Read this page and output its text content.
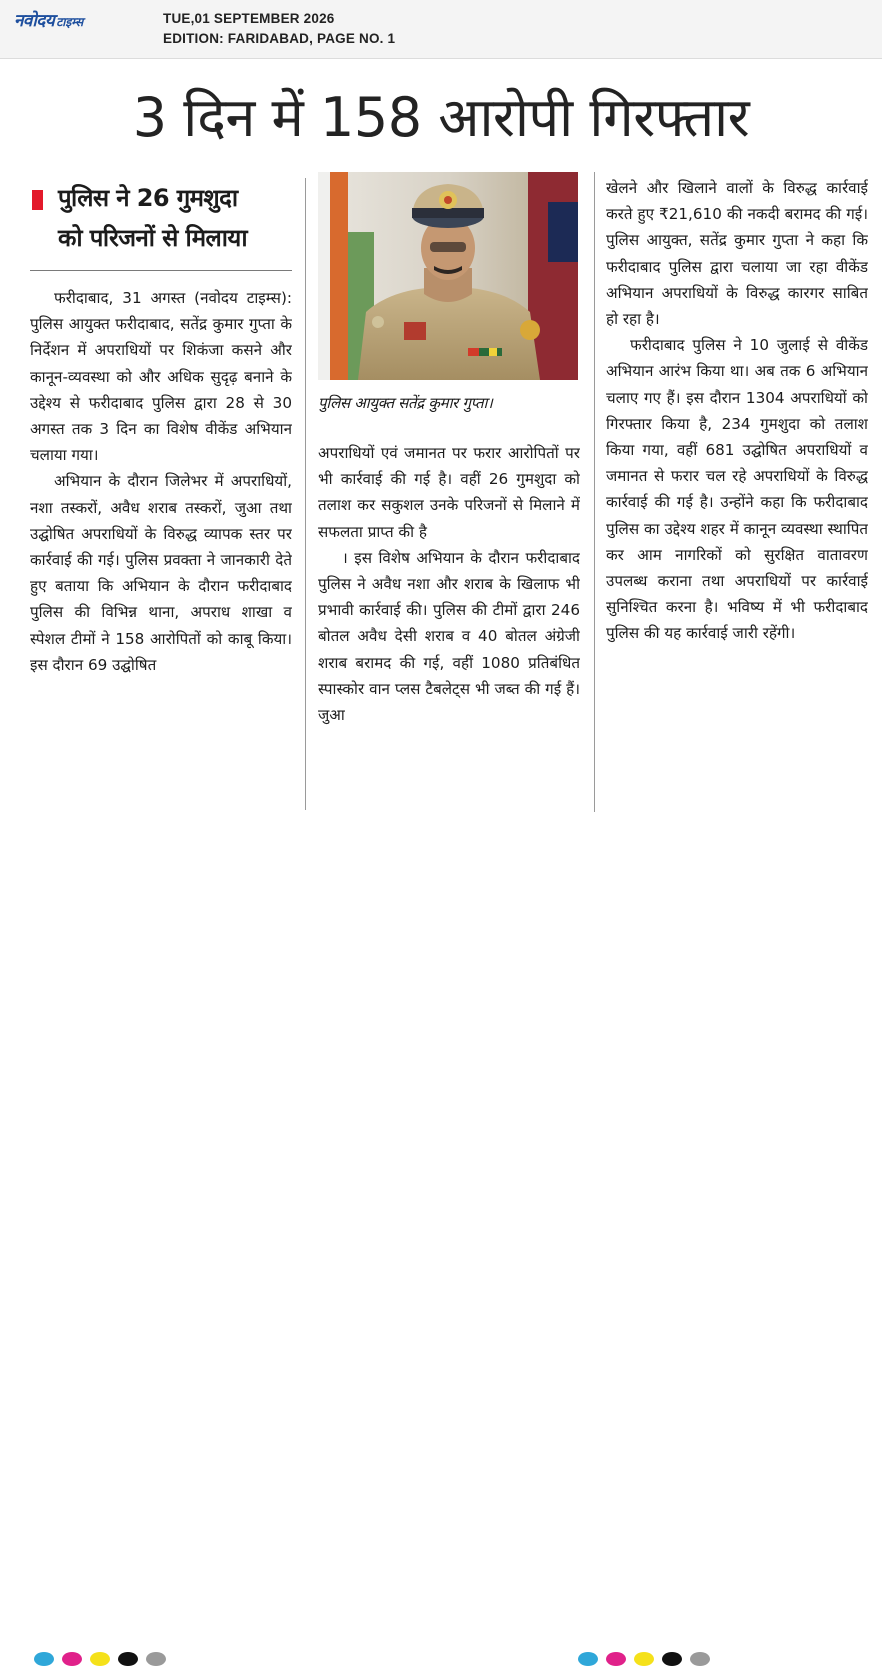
नवोदय टाइम्स	TUE,01 SEPTEMBER 2026
EDITION: FARIDABAD, PAGE NO. 1
3 दिन में 158 आरोपी गिरफ्तार
पुलिस ने 26 गुमशुदा
को परिजनों से मिलाया

फरीदाबाद, 31 अगस्त (नवोदय टाइम्स): पुलिस आयुक्त फरीदाबाद, सतेंद्र कुमार गुप्ता के निर्देशन में अपराधियों पर शिकंजा कसने और कानून-व्यवस्था को और अधिक सुदृढ़ बनाने के उद्देश्य से फरीदाबाद पुलिस द्वारा 28 से 30 अगस्त तक 3 दिन का विशेष वीकेंड अभियान चलाया गया।

अभियान के दौरान जिलेभर में अपराधियों, नशा तस्करों, अवैध शराब तस्करों, जुआ तथा उद्घोषित अपराधियों के विरुद्ध व्यापक स्तर पर कार्रवाई की गई। पुलिस प्रवक्ता ने जानकारी देते हुए बताया कि अभियान के दौरान फरीदाबाद पुलिस की विभिन्न थाना, अपराध शाखा व स्पेशल टीमों ने 158 आरोपितों को काबू किया। इस दौरान 69 उद्घोषित

पुलिस आयुक्त सतेंद्र कुमार गुप्ता।

अपराधियों एवं जमानत पर फरार आरोपितों पर भी कार्रवाई की गई है। वहीं 26 गुमशुदा को तलाश कर सकुशल उनके परिजनों से मिलाने में सफलता प्राप्त की है

। इस विशेष अभियान के दौरान फरीदाबाद पुलिस ने अवैध नशा और शराब के खिलाफ भी प्रभावी कार्रवाई की। पुलिस की टीमों द्वारा 246 बोतल अवैध देसी शराब व 40 बोतल अंग्रेजी शराब बरामद की गई, वहीं 1080 प्रतिबंधित स्पास्कोर वान प्लस टैबलेट्स भी जब्त की गई हैं। जुआ

खेलने और खिलाने वालों के विरुद्ध कार्रवाई करते हुए ₹21,610 की नकदी बरामद की गई। पुलिस आयुक्त, सतेंद्र कुमार गुप्ता ने कहा कि फरीदाबाद पुलिस द्वारा चलाया जा रहा वीकेंड अभियान अपराधियों के विरुद्ध कारगर साबित हो रहा है।

फरीदाबाद पुलिस ने 10 जुलाई से वीकेंड अभियान आरंभ किया था। अब तक 6 अभियान चलाए गए हैं। इस दौरान 1304 अपराधियों को गिरफ्तार किया है, 234 गुमशुदा को तलाश किया गया, वहीं 681 उद्घोषित अपराधियों व जमानत से फरार चल रहे अपराधियों के विरुद्ध कार्रवाई की गई है। उन्होंने कहा कि फरीदाबाद पुलिस का उद्देश्य शहर में कानून व्यवस्था स्थापित कर आम नागरिकों को सुरक्षित वातावरण उपलब्ध कराना तथा अपराधियों पर कार्रवाई सुनिश्चित करना है। भविष्य में भी फरीदाबाद पुलिस की यह कार्रवाई जारी रहेंगी।
